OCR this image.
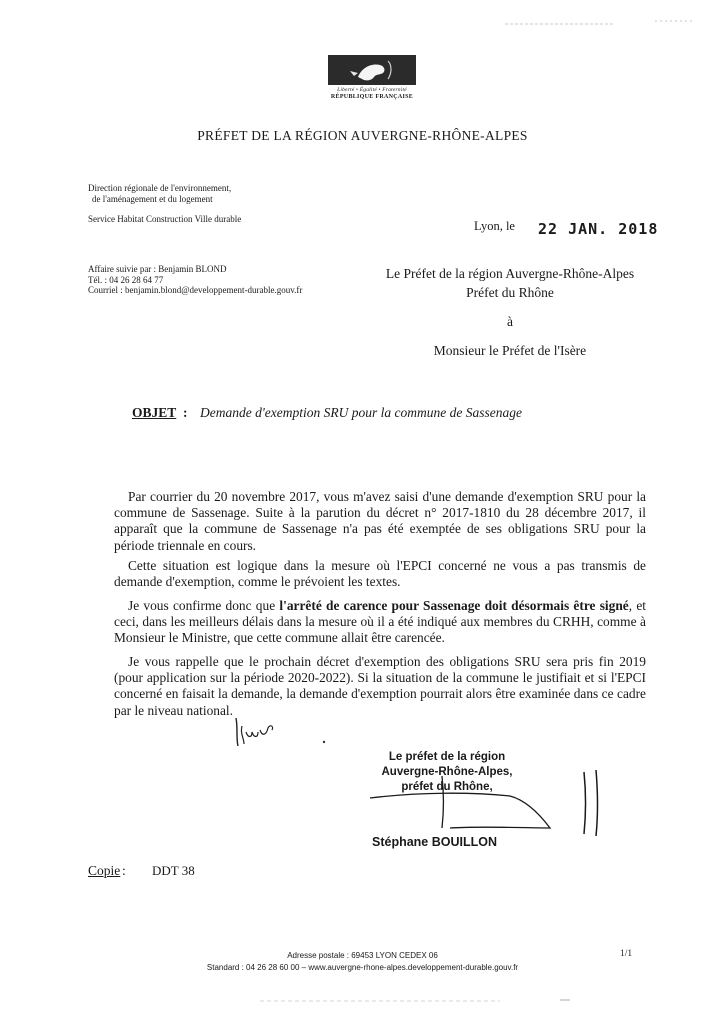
Liberté • Égalité • Fraternité
RÉPUBLIQUE FRANÇAISE
PRÉFET DE LA RÉGION AUVERGNE-RHÔNE-ALPES
Direction régionale de l'environnement,
de l'aménagement et du logement
Service Habitat Construction Ville durable	Lyon, le 22 JAN. 2018
Affaire suivie par : Benjamin BLOND
Tél. : 04 26 28 64 77
Courriel : benjamin.blond@developpement-durable.gouv.fr
Le Préfet de la région Auvergne-Rhône-Alpes
Préfet du Rhône
à
Monsieur le Préfet de l'Isère
OBJET : Demande d'exemption SRU pour la commune de Sassenage

Par courrier du 20 novembre 2017, vous m'avez saisi d'une demande d'exemption SRU pour la commune de Sassenage. Suite à la parution du décret n° 2017-1810 du 28 décembre 2017, il apparaît que la commune de Sassenage n'a pas été exemptée de ses obligations SRU pour la période triennale en cours.

Cette situation est logique dans la mesure où l'EPCI concerné ne vous a pas transmis de demande d'exemption, comme le prévoient les textes.

Je vous confirme donc que l'arrêté de carence pour Sassenage doit désormais être signé, et ceci, dans les meilleurs délais dans la mesure où il a été indiqué aux membres du CRHH, comme à Monsieur le Ministre, que cette commune allait être carencée.

Je vous rappelle que le prochain décret d'exemption des obligations SRU sera pris fin 2019 (pour application sur la période 2020-2022). Si la situation de la commune le justifiait et si l'EPCI concerné en faisait la demande, la demande d'exemption pourrait alors être examinée dans ce cadre par le niveau national.

Le préfet de la région
Auvergne-Rhône-Alpes,
préfet du Rhône,
Stéphane BOUILLON
Copie : DDT 38
Adresse postale : 69453 LYON CEDEX 06
Standard : 04 26 28 60 00 – www.auvergne-rhone-alpes.developpement-durable.gouv.fr
1/1
